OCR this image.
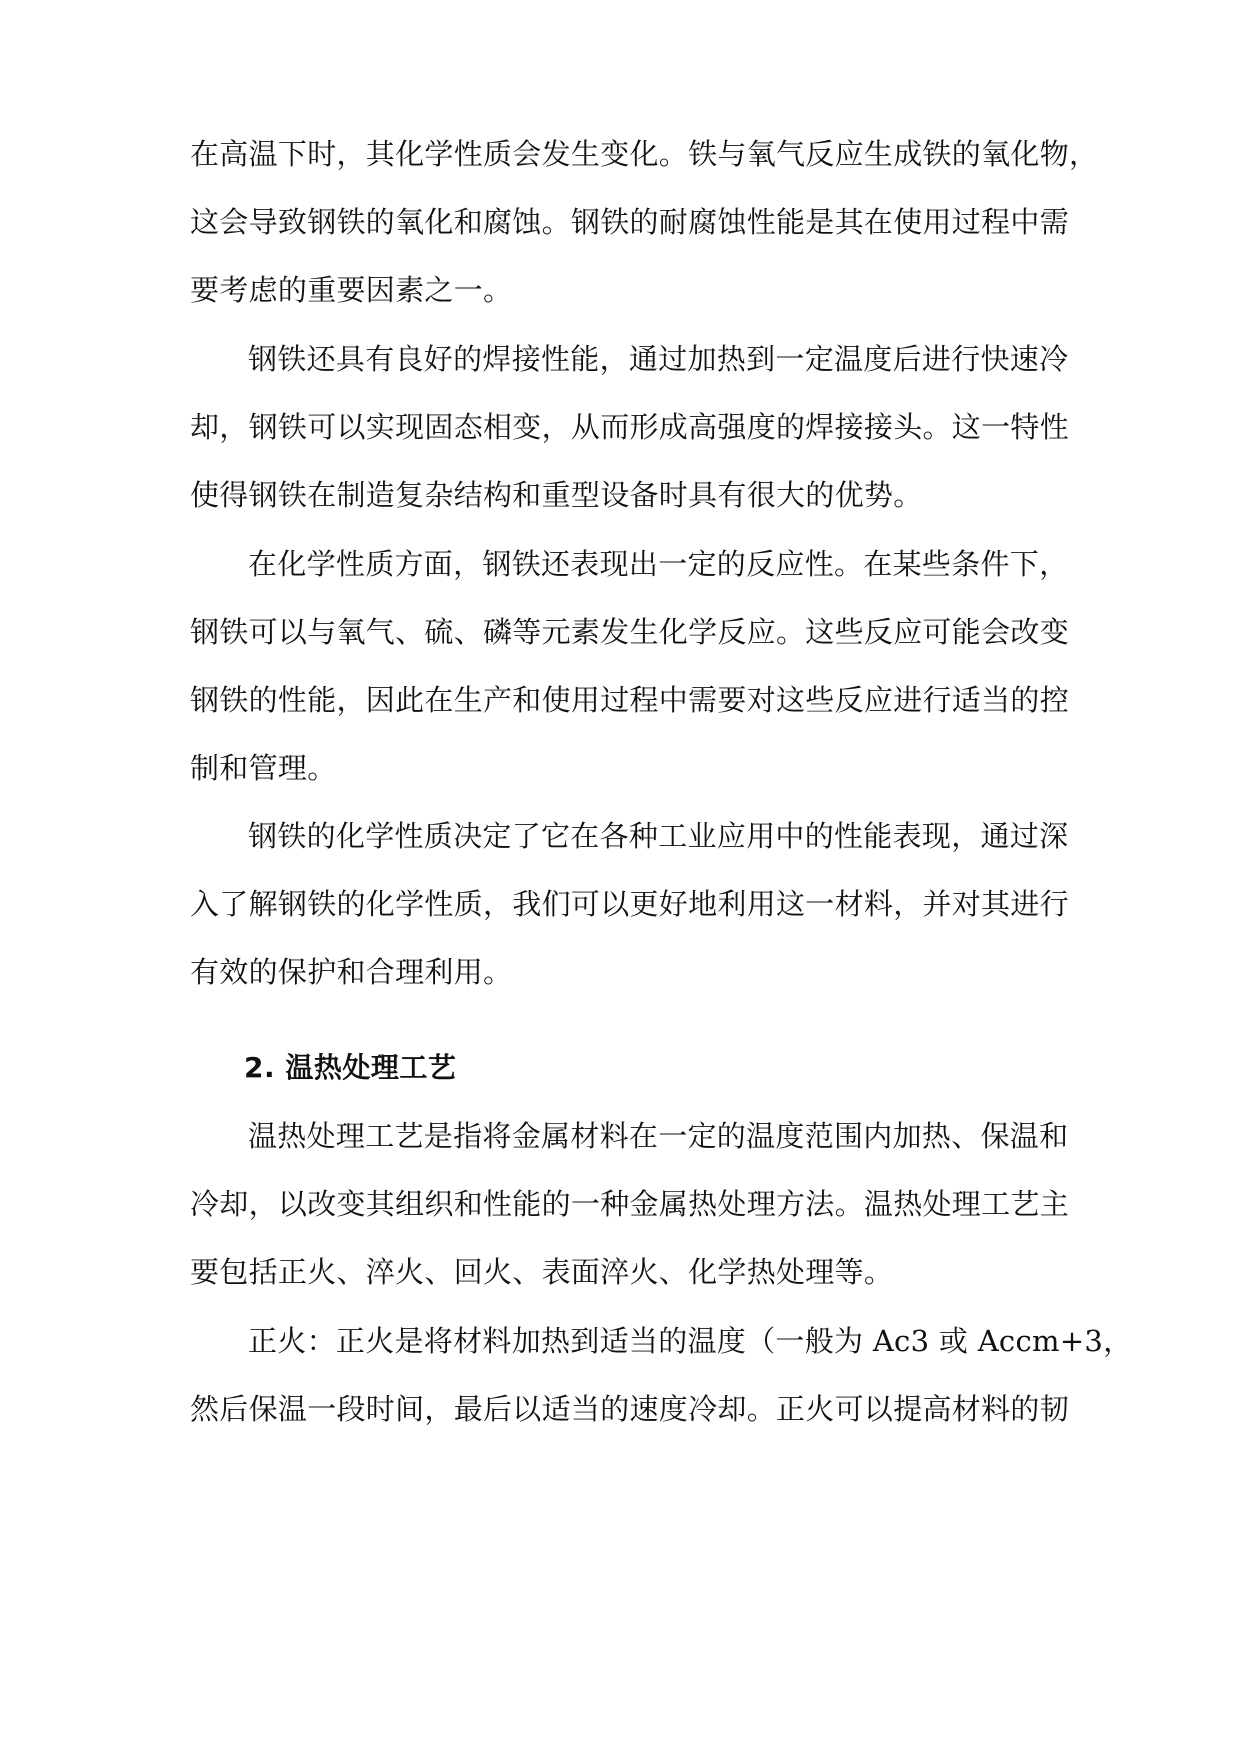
在高温下时，其化学性质会发生变化。铁与氧气反应生成铁的氧化物，
这会导致钢铁的氧化和腐蚀。钢铁的耐腐蚀性能是其在使用过程中需
要考虑的重要因素之一。
钢铁还具有良好的焊接性能，通过加热到一定温度后进行快速冷
却，钢铁可以实现固态相变，从而形成高强度的焊接接头。这一特性
使得钢铁在制造复杂结构和重型设备时具有很大的优势。
在化学性质方面，钢铁还表现出一定的反应性。在某些条件下，
钢铁可以与氧气、硫、磷等元素发生化学反应。这些反应可能会改变
钢铁的性能，因此在生产和使用过程中需要对这些反应进行适当的控
制和管理。
钢铁的化学性质决定了它在各种工业应用中的性能表现，通过深
入了解钢铁的化学性质，我们可以更好地利用这一材料，并对其进行
有效的保护和合理利用。
2. 温热处理工艺
温热处理工艺是指将金属材料在一定的温度范围内加热、保温和
冷却，以改变其组织和性能的一种金属热处理方法。温热处理工艺主
要包括正火、淬火、回火、表面淬火、化学热处理等。
正火：正火是将材料加热到适当的温度（一般为 Ac3 或 Accm+3，
然后保温一段时间，最后以适当的速度冷却。正火可以提高材料的韧
